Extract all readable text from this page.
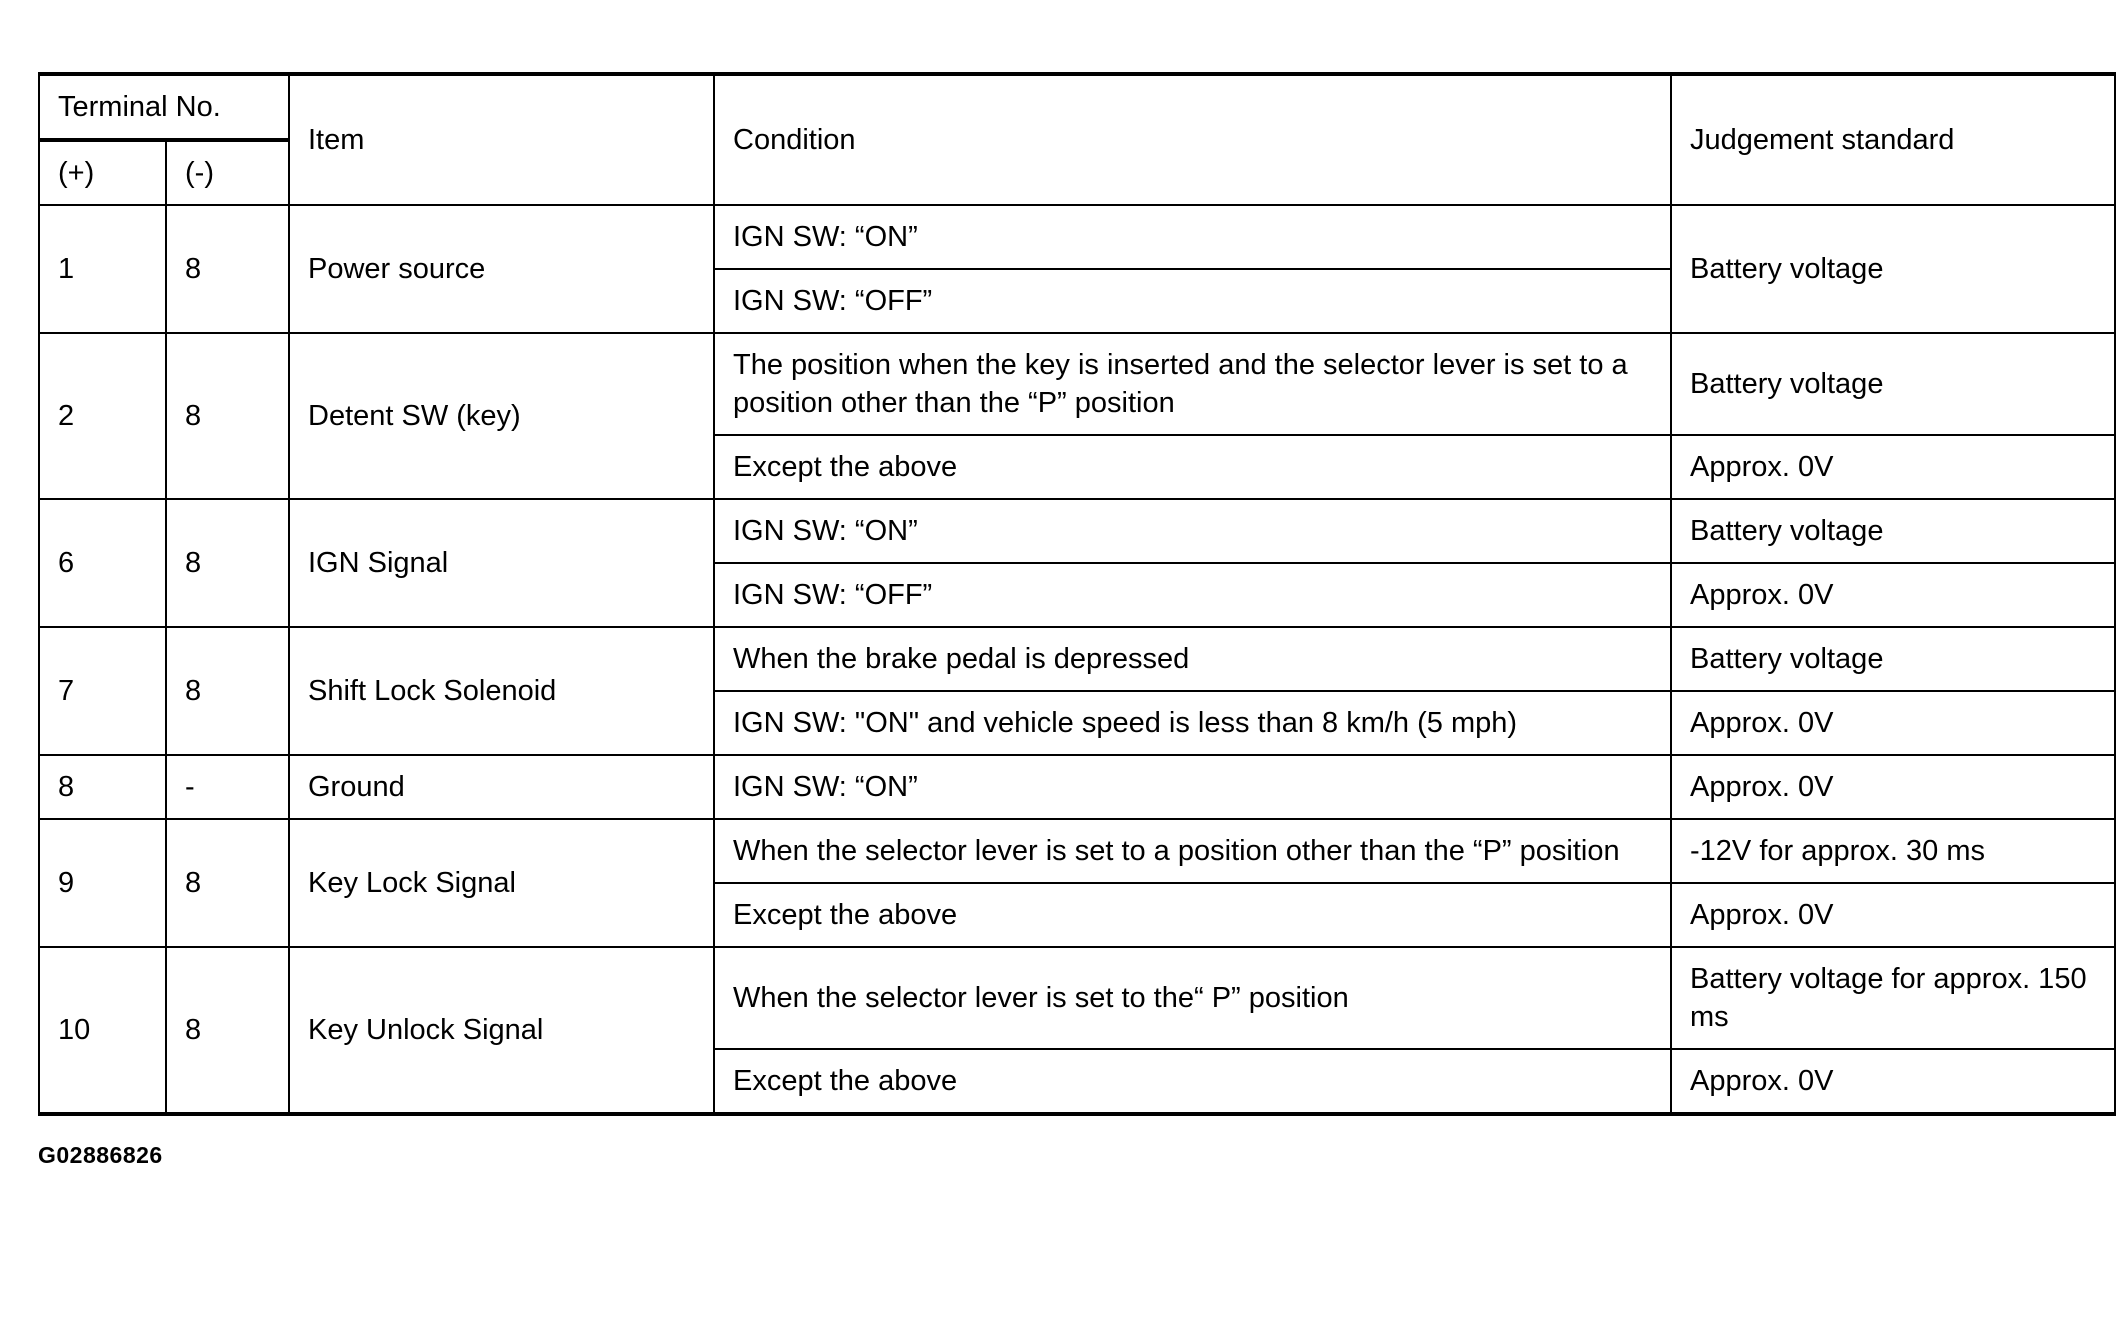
Terminal No.		Item	Condition	Judgement standard
(+)	(-)			
1	8	Power source	IGN SW: “ON”	Battery voltage
			IGN SW: “OFF”	
2	8	Detent SW (key)	The position when the key is inserted and the selector lever is set to a position other than the “P” position	Battery voltage
			Except the above	Approx. 0V
6	8	IGN Signal	IGN SW: “ON”	Battery voltage
			IGN SW: “OFF”	Approx. 0V
7	8	Shift Lock Solenoid	When the brake pedal is depressed	Battery voltage
			IGN SW: "ON" and vehicle speed is less than 8 km/h (5 mph)	Approx. 0V
8	-	Ground	IGN SW: “ON”	Approx. 0V
9	8	Key Lock Signal	When the selector lever is set to a position other than the “P” position	-12V for approx. 30 ms
			Except the above	Approx. 0V
10	8	Key Unlock Signal	When the selector lever is set to the“ P” position	Battery voltage for approx. 150 ms
			Except the above	Approx. 0V
G02886826
